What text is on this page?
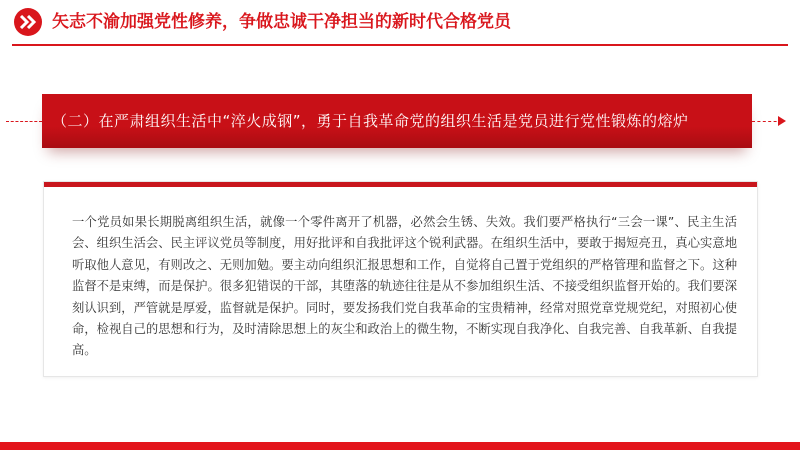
矢志不渝加强党性修养，争做忠诚干净担当的新时代合格党员
（二）在严肃组织生活中“淬火成钢”，勇于自我革命党的组织生活是党员进行党性锻炼的熔炉
一个党员如果长期脱离组织生活，就像一个零件离开了机器，必然会生锈、失效。我们要严格执行“三会一课”、民主生活会、组织生活会、民主评议党员等制度，用好批评和自我批评这个锐利武器。在组织生活中，要敢于揭短亮丑，真心实意地听取他人意见，有则改之、无则加勉。要主动向组织汇报思想和工作，自觉将自己置于党组织的严格管理和监督之下。这种监督不是束缚，而是保护。很多犯错误的干部，其堕落的轨迹往往是从不参加组织生活、不接受组织监督开始的。我们要深刻认识到，严管就是厚爱，监督就是保护。同时，要发扬我们党自我革命的宝贵精神，经常对照党章党规党纪，对照初心使命，检视自己的思想和行为，及时清除思想上的灰尘和政治上的微生物，不断实现自我净化、自我完善、自我革新、自我提高。
